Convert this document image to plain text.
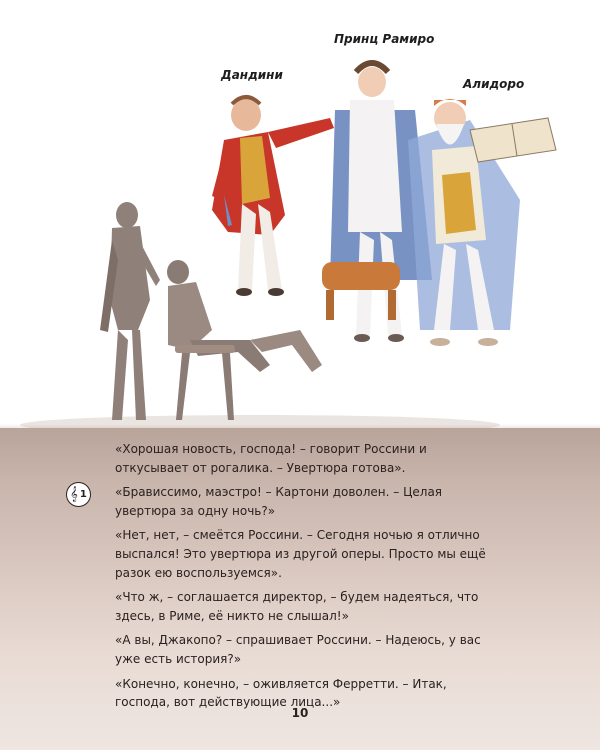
Дандини
Принц Рамиро
Алидоро
𝄞 1

«Хорошая новость, господа! – говорит Россини и откусывает от рогалика. – Увертюра готова».

«Брависсимо, маэстро! – Картони доволен. – Целая увертюра за одну ночь?»

«Нет, нет, – смеётся Россини. – Сегодня ночью я отлично выспался! Это увертюра из другой оперы. Просто мы ещё разок ею воспользуемся».

«Что ж, – соглашается директор, – будем надеяться, что здесь, в Риме, её никто не слышал!»

«А вы, Джакопо? – спрашивает Россини. – Надеюсь, у вас уже есть история?»

«Конечно, конечно, – оживляется Ферретти. – Итак, господа, вот действующие лица...»

10
